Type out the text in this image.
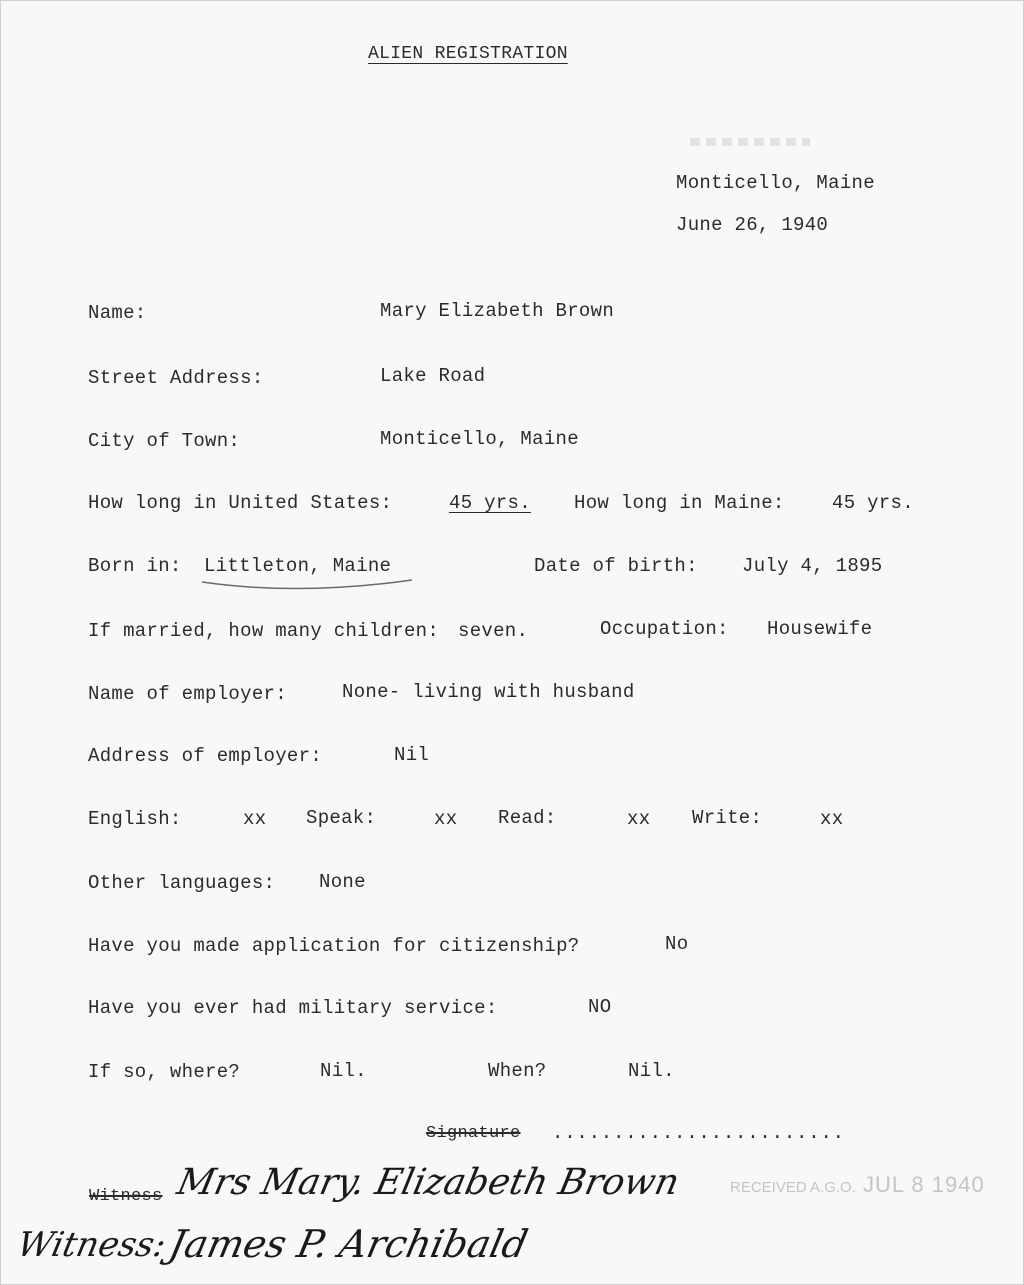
ALIEN REGISTRATION
Monticello, Maine
June 26, 1940
Name:	Mary Elizabeth Brown
Street Address:	Lake Road
City of Town:	Monticello, Maine
How long in United States:	45 yrs. How long in Maine: 45 yrs.
Born in: Littleton, Maine	Date of birth: July 4, 1895
If married, how many children: seven.	Occupation: Housewife
Name of employer:	None- living with husband
Address of employer:	Nil
English:	xx Speak:	xx Read:	xx Write:	xx
Other languages: None
Have you made application for citizenship?	No
Have you ever had military service:	NO
If so, where?	Nil.	When?	Nil.
Signature ........................
Witness Mrs Mary. Elizabeth Brown
Witness:
James P. Archibald
RECEIVED A.G.O. JUL 8 1940
